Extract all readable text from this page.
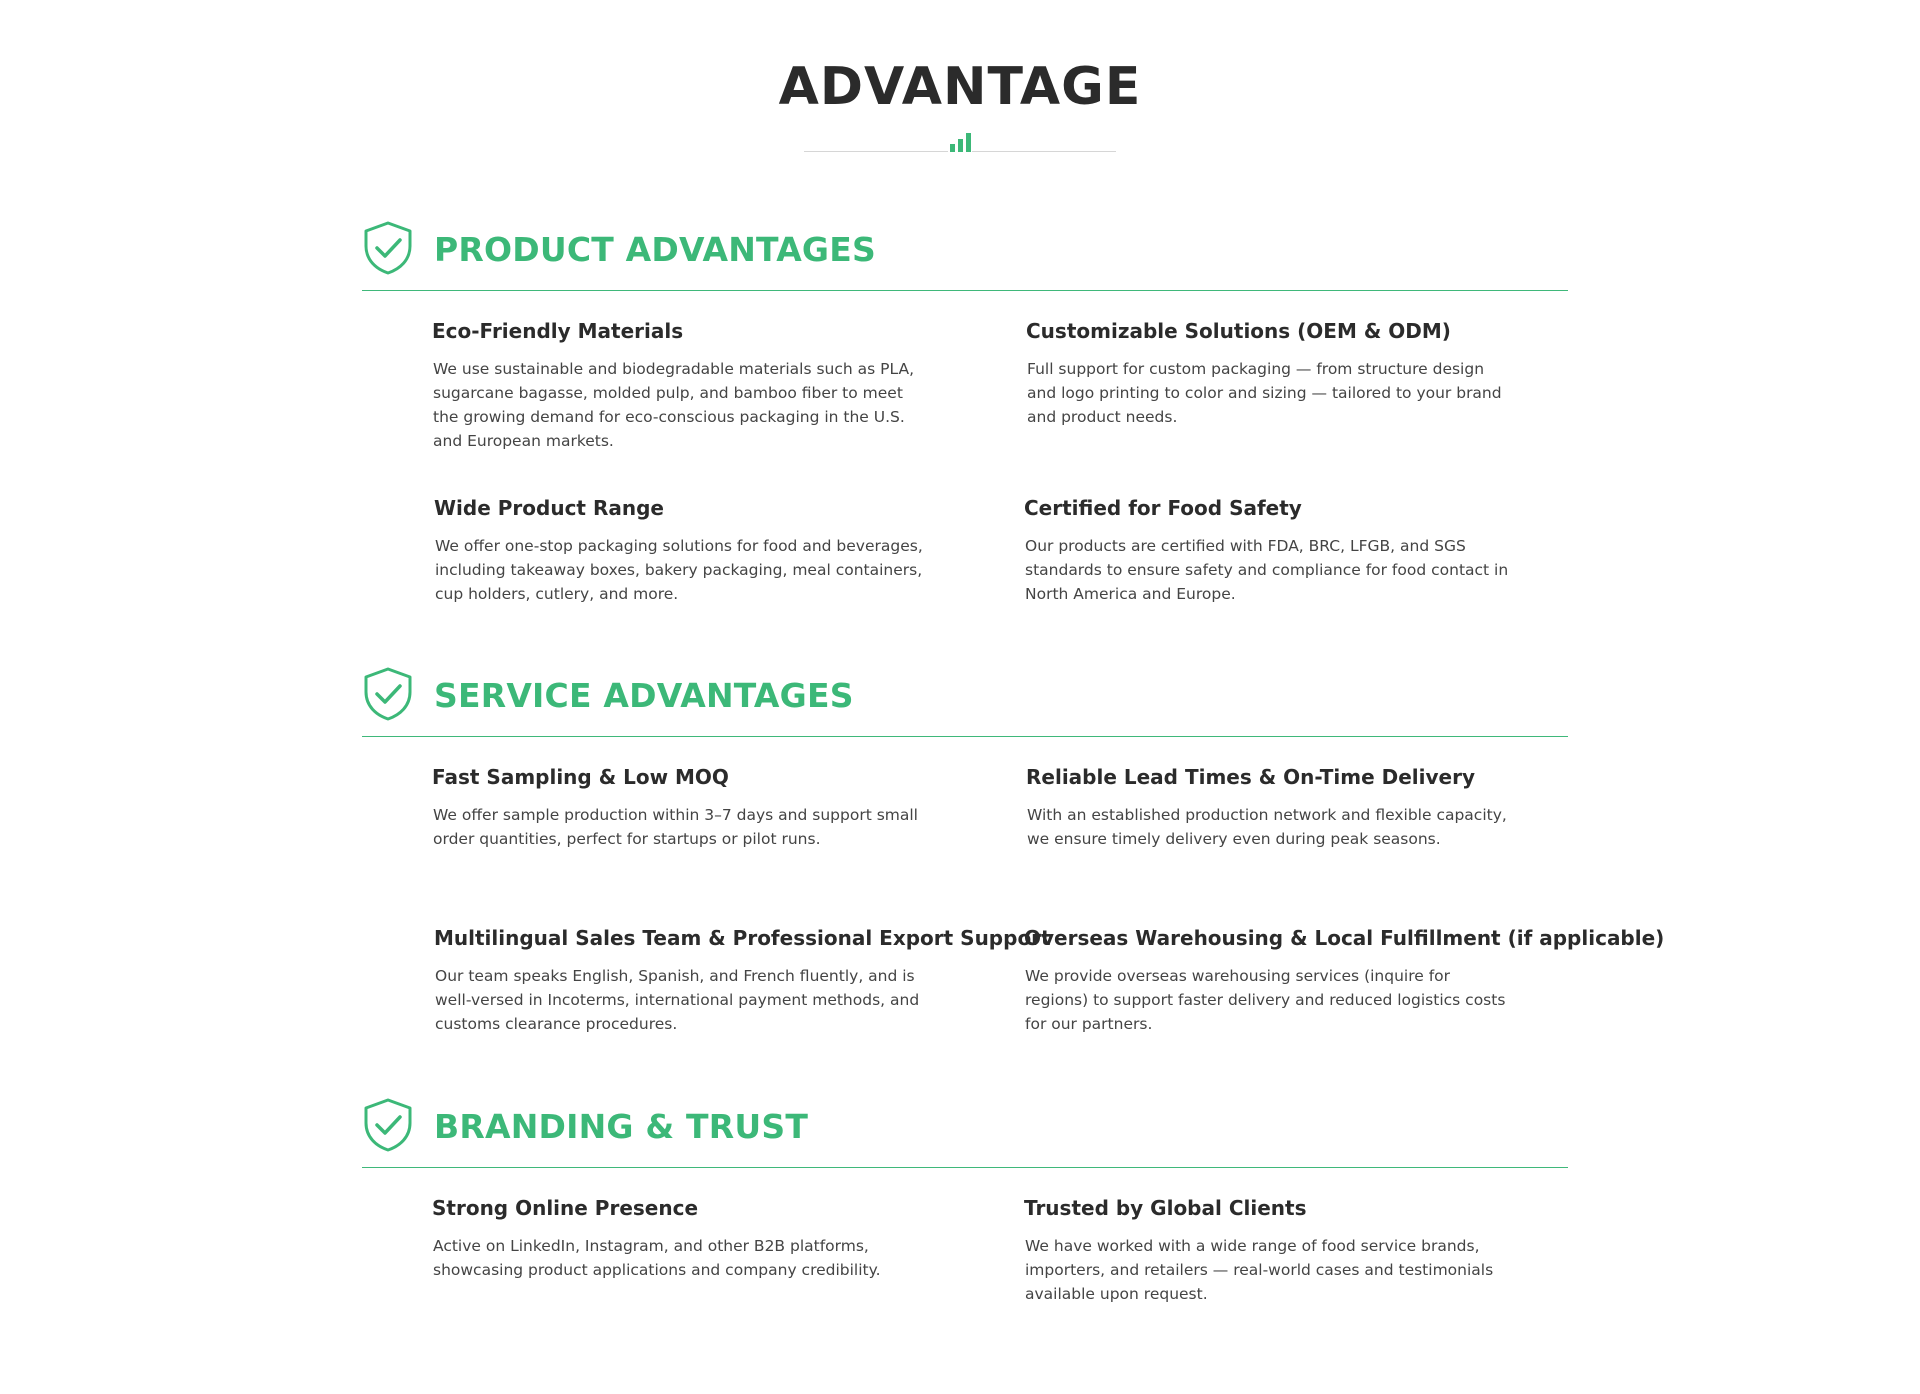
ADVANTAGE
PRODUCT ADVANTAGES
Eco-Friendly Materials

We use sustainable and biodegradable materials such as PLA, sugarcane bagasse, molded pulp, and bamboo fiber to meet the growing demand for eco-conscious packaging in the U.S. and European markets.

Customizable Solutions (OEM & ODM)

Full support for custom packaging — from structure design and logo printing to color and sizing — tailored to your brand and product needs.

Wide Product Range

We offer one-stop packaging solutions for food and beverages, including takeaway boxes, bakery packaging, meal containers, cup holders, cutlery, and more.

Certified for Food Safety

Our products are certified with FDA, BRC, LFGB, and SGS standards to ensure safety and compliance for food contact in North America and Europe.

SERVICE ADVANTAGES
Fast Sampling & Low MOQ

We offer sample production within 3–7 days and support small order quantities, perfect for startups or pilot runs.

Reliable Lead Times & On-Time Delivery

With an established production network and flexible capacity, we ensure timely delivery even during peak seasons.

Multilingual Sales Team & Professional Export Support

Our team speaks English, Spanish, and French fluently, and is well-versed in Incoterms, international payment methods, and customs clearance procedures.

Overseas Warehousing & Local Fulfillment (if applicable)

We provide overseas warehousing services (inquire for regions) to support faster delivery and reduced logistics costs for our partners.

BRANDING & TRUST
Strong Online Presence

Active on LinkedIn, Instagram, and other B2B platforms, showcasing product applications and company credibility.

Trusted by Global Clients

We have worked with a wide range of food service brands, importers, and retailers — real-world cases and testimonials available upon request.
